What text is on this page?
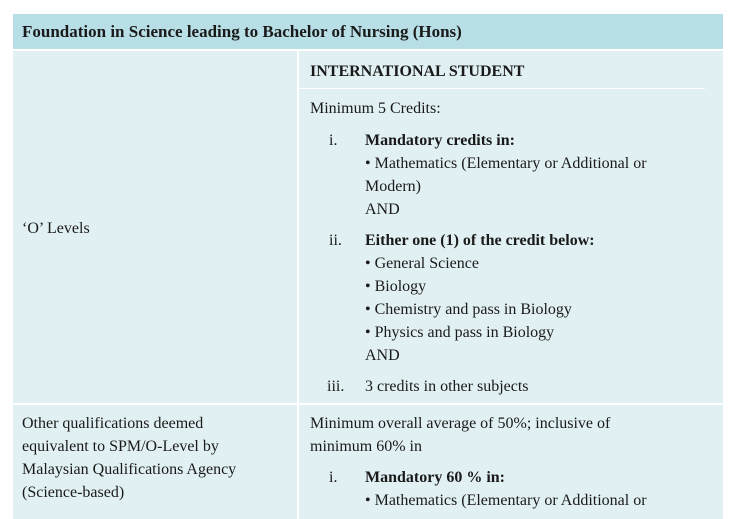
Foundation in Science leading to Bachelor of Nursing (Hons)
‘O’ Levels
INTERNATIONAL STUDENT
Minimum 5 Credits:
i. Mandatory credits in:
• Mathematics (Elementary or Additional or
Modern)
AND
ii. Either one (1) of the credit below:
• General Science
• Biology
• Chemistry and pass in Biology
• Physics and pass in Biology
AND
iii. 3 credits in other subjects
Other qualifications deemed
equivalent to SPM/O-Level by
Malaysian Qualifications Agency
(Science-based)
Minimum overall average of 50%; inclusive of
minimum 60% in
i. Mandatory 60 % in:
• Mathematics (Elementary or Additional or
